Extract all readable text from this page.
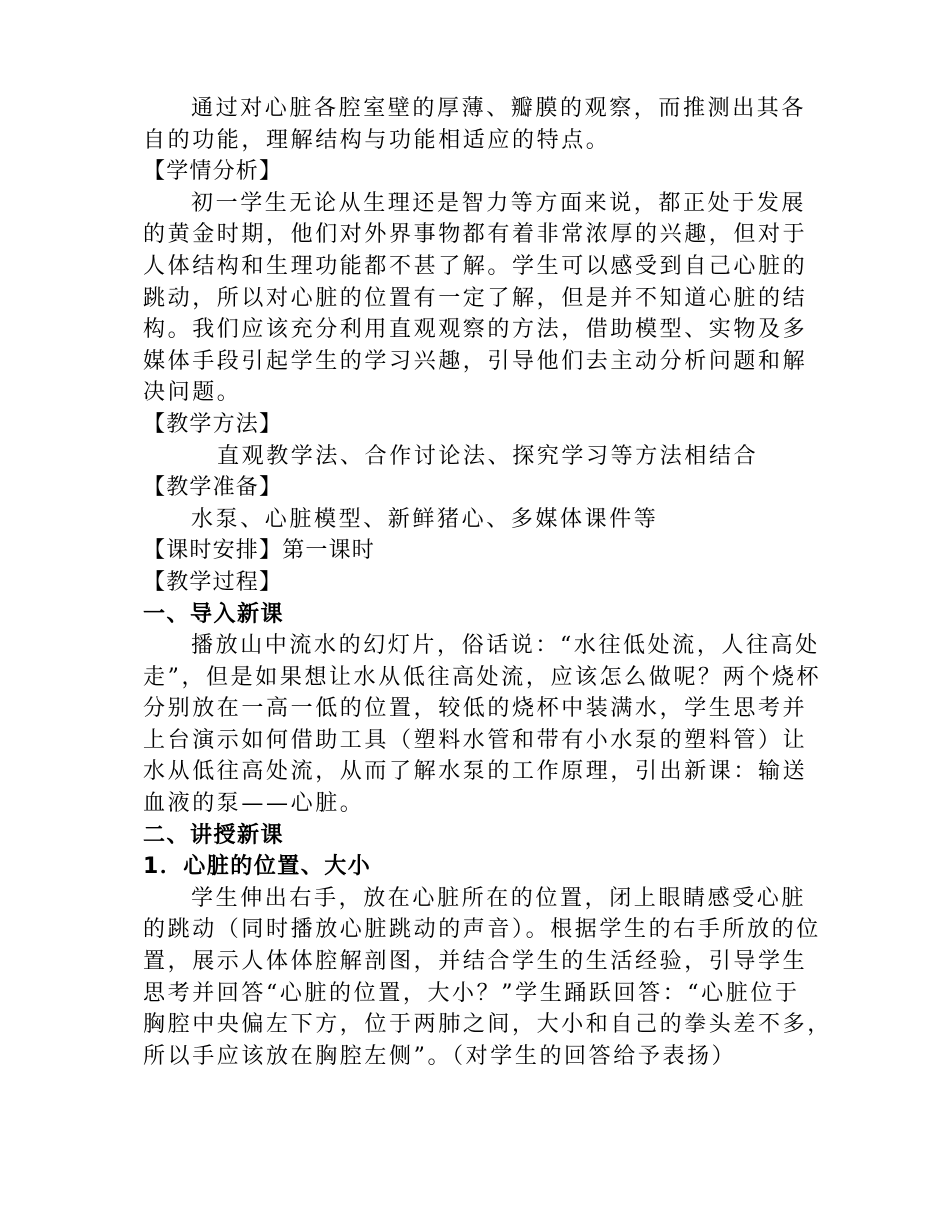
通过对心脏各腔室壁的厚薄、瓣膜的观察，而推测出其各
自的功能，理解结构与功能相适应的特点。
【学情分析】
初一学生无论从生理还是智力等方面来说，都正处于发展
的黄金时期，他们对外界事物都有着非常浓厚的兴趣，但对于
人体结构和生理功能都不甚了解。学生可以感受到自己心脏的
跳动，所以对心脏的位置有一定了解，但是并不知道心脏的结
构。我们应该充分利用直观观察的方法，借助模型、实物及多
媒体手段引起学生的学习兴趣，引导他们去主动分析问题和解
决问题。
【教学方法】
直观教学法、合作讨论法、探究学习等方法相结合
【教学准备】
水泵、心脏模型、新鲜猪心、多媒体课件等
【课时安排】第一课时
【教学过程】
一、导入新课
播放山中流水的幻灯片，俗话说：“水往低处流，人往高处
走”，但是如果想让水从低往高处流，应该怎么做呢？两个烧杯
分别放在一高一低的位置，较低的烧杯中装满水，学生思考并
上台演示如何借助工具（塑料水管和带有小水泵的塑料管）让
水从低往高处流，从而了解水泵的工作原理，引出新课：输送
血液的泵——心脏。
二、讲授新课
1．心脏的位置、大小
学生伸出右手，放在心脏所在的位置，闭上眼睛感受心脏
的跳动（同时播放心脏跳动的声音）。根据学生的右手所放的位
置，展示人体体腔解剖图，并结合学生的生活经验，引导学生
思考并回答“心脏的位置，大小？”学生踊跃回答：“心脏位于
胸腔中央偏左下方，位于两肺之间，大小和自己的拳头差不多，
所以手应该放在胸腔左侧”。（对学生的回答给予表扬）
